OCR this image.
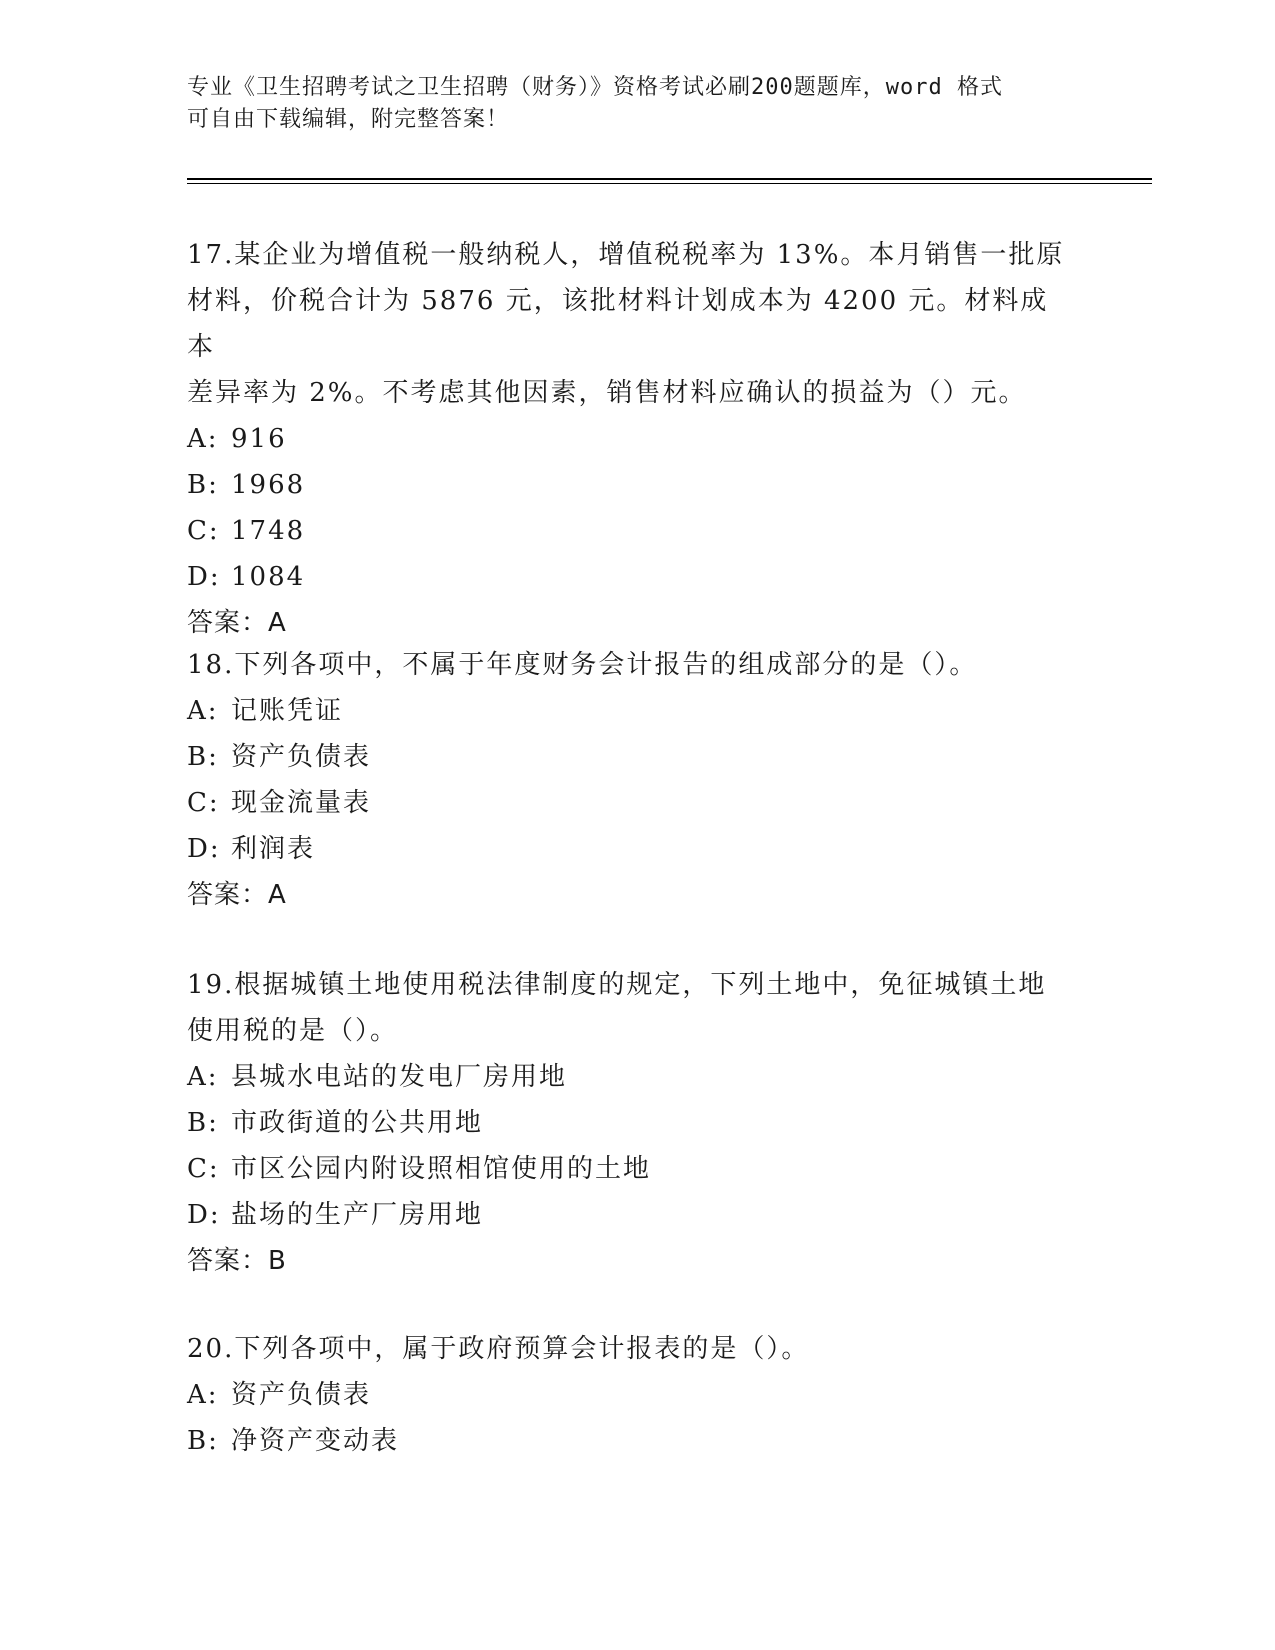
专业《卫生招聘考试之卫生招聘（财务）》资格考试必刷200题题库，word 格式
可自由下载编辑，附完整答案！

17.某企业为增值税一般纳税人，增值税税率为 13%。本月销售一批原

材料，价税合计为 5876 元，该批材料计划成本为 4200 元。材料成本

差异率为 2%。不考虑其他因素，销售材料应确认的损益为（）元。

A: 916

B: 1968

C: 1748

D: 1084

答案：A

18.下列各项中，不属于年度财务会计报告的组成部分的是（）。

A: 记账凭证

B: 资产负债表

C: 现金流量表

D: 利润表

答案：A

19.根据城镇土地使用税法律制度的规定，下列土地中，免征城镇土地

使用税的是（）。

A: 县城水电站的发电厂房用地

B: 市政街道的公共用地

C: 市区公园内附设照相馆使用的土地

D: 盐场的生产厂房用地

答案：B

20.下列各项中，属于政府预算会计报表的是（）。

A: 资产负债表

B: 净资产变动表
